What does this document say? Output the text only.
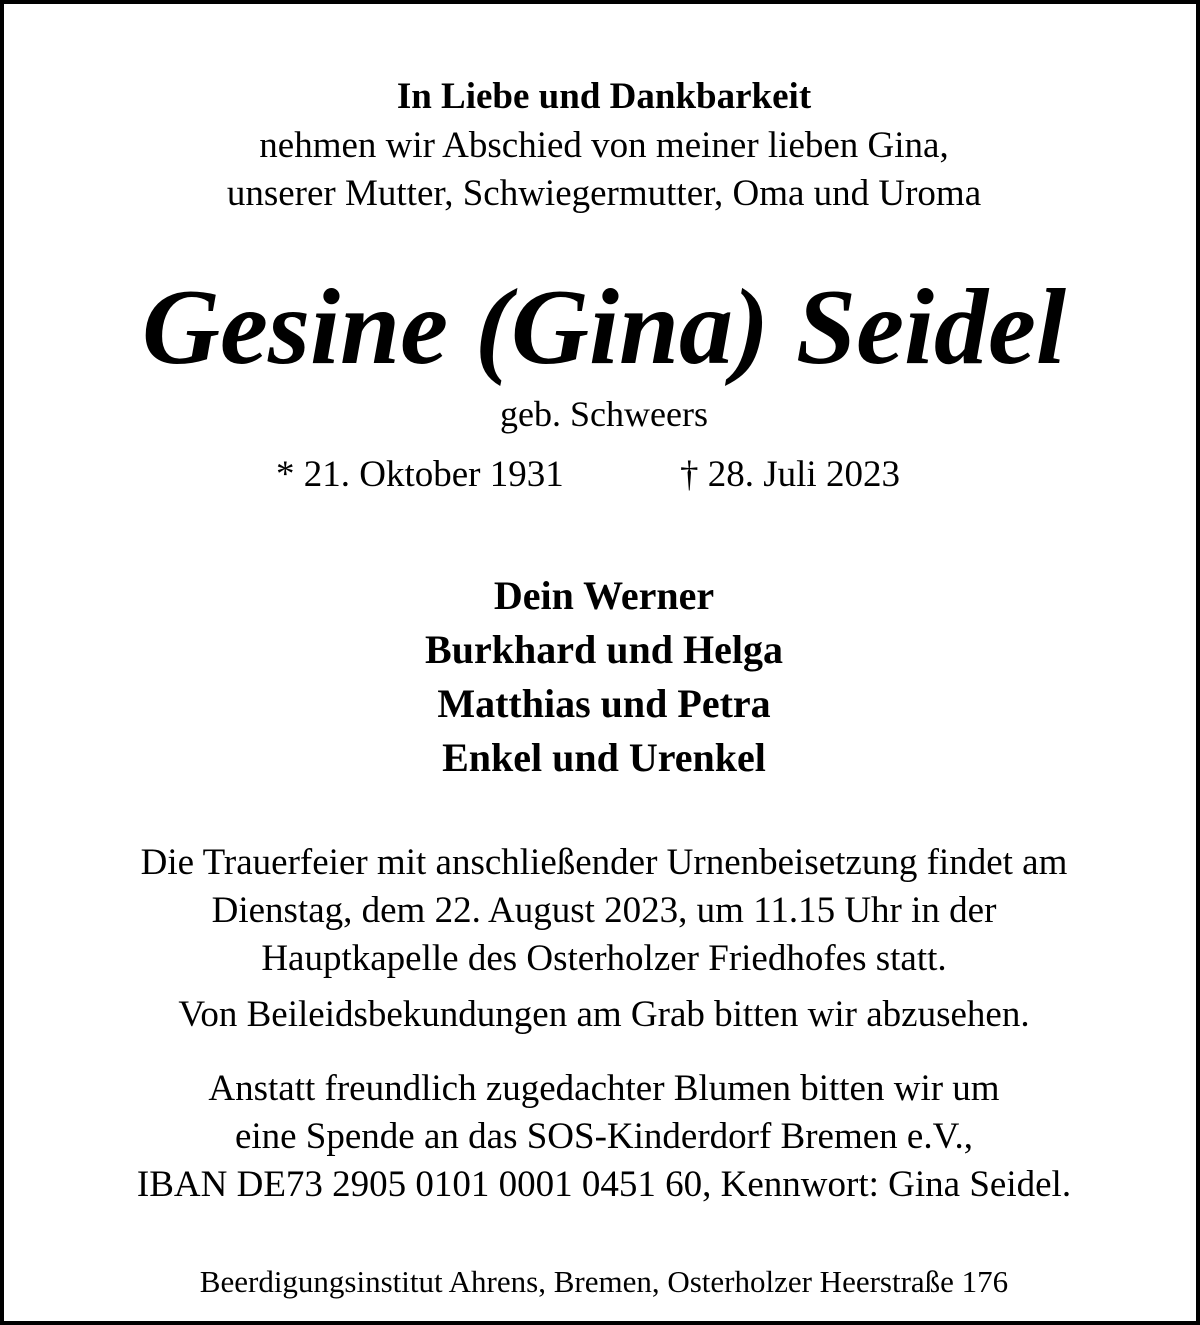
In Liebe und Dankbarkeit
nehmen wir Abschied von meiner lieben Gina,
unserer Mutter, Schwiegermutter, Oma und Uroma
Gesine (Gina) Seidel
geb. Schweers
* 21. Oktober 1931	† 28. Juli 2023
Dein Werner
Burkhard und Helga
Matthias und Petra
Enkel und Urenkel
Die Trauerfeier mit anschließender Urnenbeisetzung findet am
Dienstag, dem 22. August 2023, um 11.15 Uhr in der
Hauptkapelle des Osterholzer Friedhofes statt.
Von Beileidsbekundungen am Grab bitten wir abzusehen.
Anstatt freundlich zugedachter Blumen bitten wir um
eine Spende an das SOS-Kinderdorf Bremen e.V.,
IBAN DE73 2905 0101 0001 0451 60, Kennwort: Gina Seidel.
Beerdigungsinstitut Ahrens, Bremen, Osterholzer Heerstraße 176
